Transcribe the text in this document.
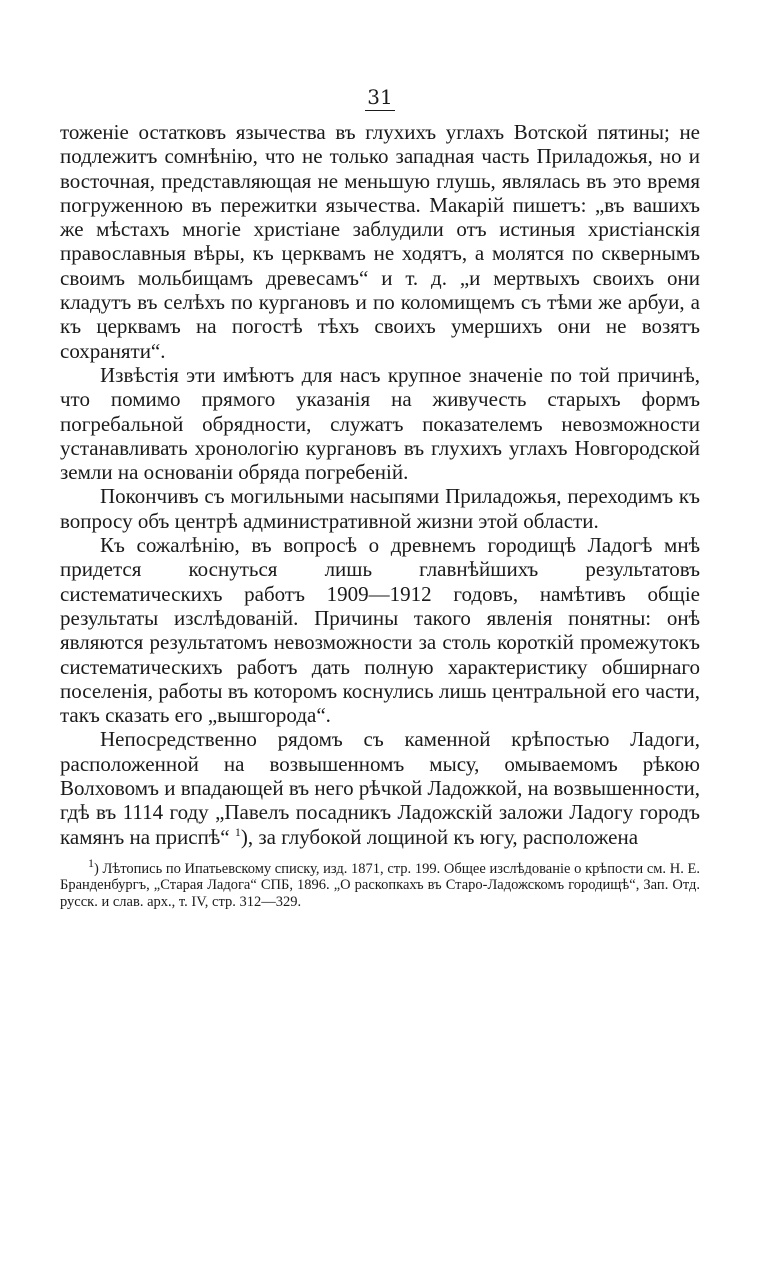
31

тоженіе остатковъ язычества въ глухихъ углахъ Вотской пятины; не подлежитъ сомнѣнію, что не только западная часть Приладожья, но и восточная, представляющая не меньшую глушь, являлась въ это время погруженною въ пережитки язычества. Макарій пишетъ: „въ вашихъ же мѣстахъ многіе христіане заблудили отъ истиныя христіанскія православныя вѣры, къ церквамъ не ходятъ, а молятся по сквернымъ своимъ мольбищамъ древесамъ“ и т. д. „и мертвыхъ своихъ они кладутъ въ селѣхъ по кургановъ и по коломищемъ съ тѣми же арбуи, а къ церквамъ на погостѣ тѣхъ своихъ умершихъ они не возятъ сохраняти“.

Извѣстія эти имѣютъ для насъ крупное значеніе по той причинѣ, что помимо прямого указанія на живучесть старыхъ формъ погребальной обрядности, служатъ показателемъ невозможности устанавливать хронологію кургановъ въ глухихъ углахъ Новгородской земли на основаніи обряда погребеній.

Покончивъ съ могильными насыпями Приладожья, переходимъ къ вопросу объ центрѣ административной жизни этой области.

Къ сожалѣнію, въ вопросѣ о древнемъ городищѣ Ладогѣ мнѣ придется коснуться лишь главнѣйшихъ результатовъ систематическихъ работъ 1909—1912 годовъ, намѣтивъ общіе результаты изслѣдованій. Причины такого явленія понятны: онѣ являются результатомъ невозможности за столь короткій промежутокъ систематическихъ работъ дать полную характеристику обширнаго поселенія, работы въ которомъ коснулись лишь центральной его части, такъ сказать его „вышгорода“.

Непосредственно рядомъ съ каменной крѣпостью Ладоги, расположенной на возвышенномъ мысу, омываемомъ рѣкою Волховомъ и впадающей въ него рѣчкой Ладожкой, на возвышенности, гдѣ въ 1114 году „Павелъ посадникъ Ладожскій заложи Ладогу городъ камянъ на приспѣ“ $^1$), за глубокой лощиной къ югу, расположена

$^1$) Лѣтопись по Ипатьевскому списку, изд. 1871, стр. 199. Общее изслѣдованіе о крѣпости см. Н. Е. Бранденбургъ, „Старая Ладога“ СПБ, 1896. „О раскопкахъ въ Старо-Ладожскомъ городищѣ“, Зап. Отд. русск. и слав. арх., т. IV, стр. 312—329.
